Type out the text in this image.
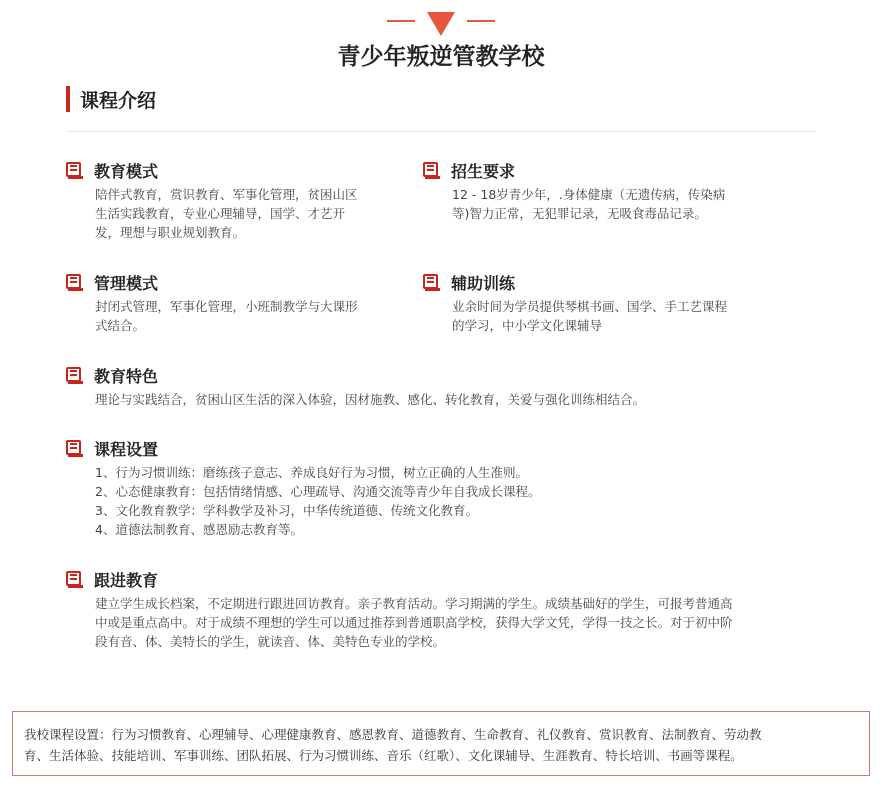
青少年叛逆管教学校
课程介绍
教育模式

陪伴式教育，赏识教育、军事化管理，贫困山区

生活实践教育，专业心理辅导，国学、才艺开

发，理想与职业规划教育。

招生要求

12 - 18岁青少年，.身体健康（无遗传病，传染病

等)智力正常，无犯罪记录，无吸食毒品记录。

管理模式

封闭式管理，军事化管理，小班制教学与大课形

式结合。

辅助训练

业余时间为学员提供琴棋书画、国学、手工艺课程

的学习，中小学文化课辅导

教育特色

理论与实践结合，贫困山区生活的深入体验，因材施教、感化、转化教育，关爱与强化训练相结合。

课程设置

1、行为习惯训练：磨练孩子意志、养成良好行为习惯，树立正确的人生准则。

2、心态健康教育：包括情绪情感、心理疏导、沟通交流等青少年自我成长课程。

3、文化教育教学：学科教学及补习，中华传统道德、传统文化教育。

4、道德法制教育、感恩励志教育等。

跟进教育

建立学生成长档案，不定期进行跟进回访教育。亲子教育活动。学习期满的学生。成绩基础好的学生，可报考普通高

中或是重点高中。对于成绩不理想的学生可以通过推荐到普通职高学校，获得大学文凭，学得一技之长。对于初中阶

段有音、体、美特长的学生，就读音、体、美特色专业的学校。

我校课程设置：行为习惯教育、心理辅导、心理健康教育、感恩教育、道德教育、生命教育、礼仪教育、赏识教育、法制教育、劳动教

育、生活体验、技能培训、军事训练、团队拓展、行为习惯训练、音乐（红歌）、文化课辅导、生涯教育、特长培训、书画等课程。
